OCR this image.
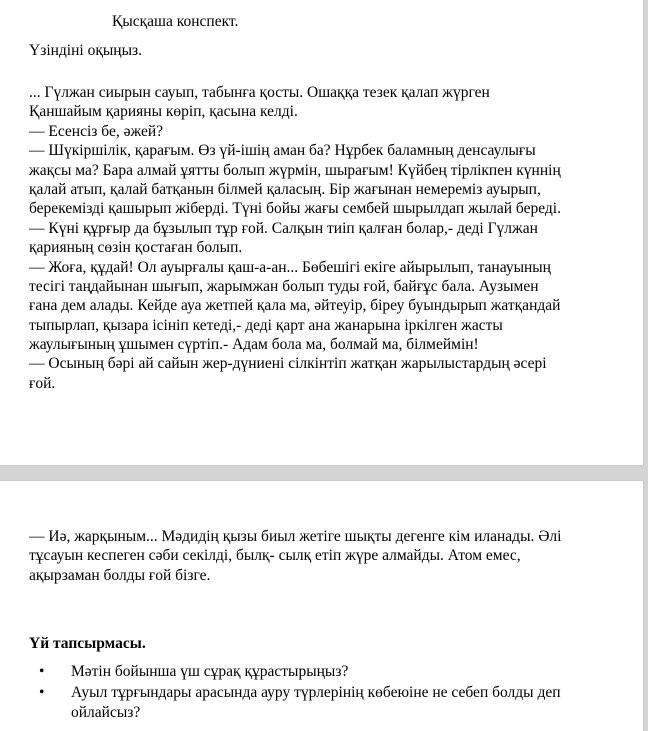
Қысқаша конспект.
Үзіндіні оқыңыз.
... Гүлжан сиырын сауып, табынға қосты. Ошаққа тезек қалап жүрген
Қаншайым қарияны көріп, қасына келді.
— Есенсіз бе, әжей?
— Шүкіршілік, қарағым. Өз үй-ішің аман ба? Нұрбек баламның денсаулығы
жақсы ма? Бара алмай ұятты болып жүрмін, шырағым! Күйбең тірлікпен күннің
қалай атып, қалай батқанын білмей қаласың. Бір жағынан немереміз ауырып,
берекемізді қашырып жіберді. Түні бойы жағы сембей шырылдап жылай береді.
— Күні құрғыр да бұзылып тұр ғой. Салқын тиіп қалған болар,- деді Гүлжан
қарияның сөзін қостаған болып.
— Жоға, құдай! Ол ауырғалы қаш-а-ан... Бөбешігі екіге айырылып, танауының
тесігі таңдайынан шығып, жарымжан болып туды ғой, байғұс бала. Аузымен
ғана дем алады. Кейде ауа жетпей қала ма, әйтеуір, біреу буындырып жатқандай
тыпырлап, қызара ісініп кетеді,- деді қарт ана жанарына іркілген жасты
жаулығының ұшымен сүртіп.- Адам бола ма, болмай ма, білмеймін!
— Осының бәрі ай сайын жер-дүниені сілкінтіп жатқан жарылыстардың әсері
ғой.
— Иә, жарқыным... Мәдидің қызы биыл жетіге шықты дегенге кім иланады. Әлі
тұсауын кеспеген сәби секілді, былқ- сылқ етіп жүре алмайды. Атом емес,
ақырзаман болды ғой бізге.
Үй тапсырмасы.
• Мәтін бойынша үш сұрақ құрастырыңыз?
• Ауыл тұрғындары арасында ауру түрлерінің көбеюіне не себеп болды деп
ойлайсыз?
